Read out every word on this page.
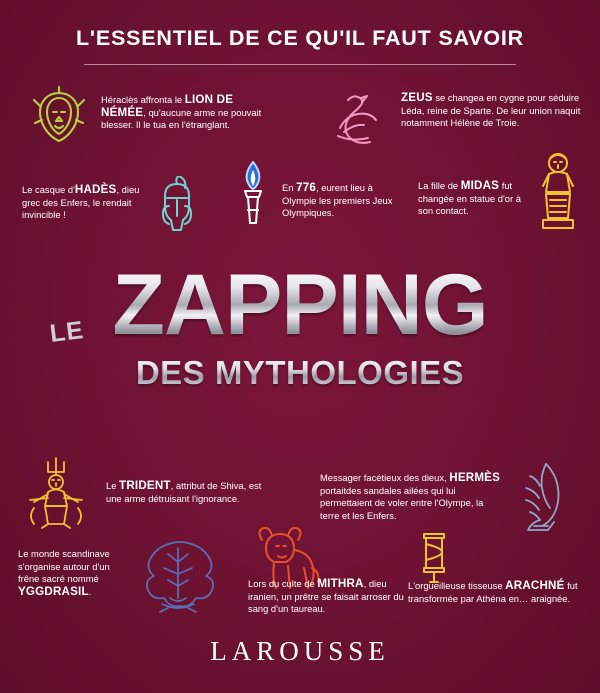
L'ESSENTIEL DE CE QU'IL FAUT SAVOIR
Héraclès affronta le LION DE NÉMÉE, qu'aucune arme ne pouvait blesser. Il le tua en l'étranglant.
ZEUS se changea en cygne pour séduire Léda, reine de Sparte. De leur union naquit notamment Hélène de Troie.
Le casque d'HADÈS, dieu grec des Enfers, le rendait invincible !
En 776, eurent lieu à Olympie les premiers Jeux Olympiques.
La fille de MIDAS fut changée en statue d'or à son contact.
LE ZAPPING DES MYTHOLOGIES
Le TRIDENT, attribut de Shiva, est une arme détruisant l'ignorance.
Messager facétieux des dieux, HERMÈS portaitdes sandales ailées qui lui permettaient de voler entre l'Olympe, la terre et les Enfers.
Le monde scandinave s'organise autour d'un frêne sacré nommé YGGDRASIL.
Lors du culte de MITHRA, dieu iranien, un prêtre se faisait arroser du sang d'un taureau.
L'orgueilleuse tisseuse ARACHNÉ fut transformée par Athéna en… araignée.
LAROUSSE
